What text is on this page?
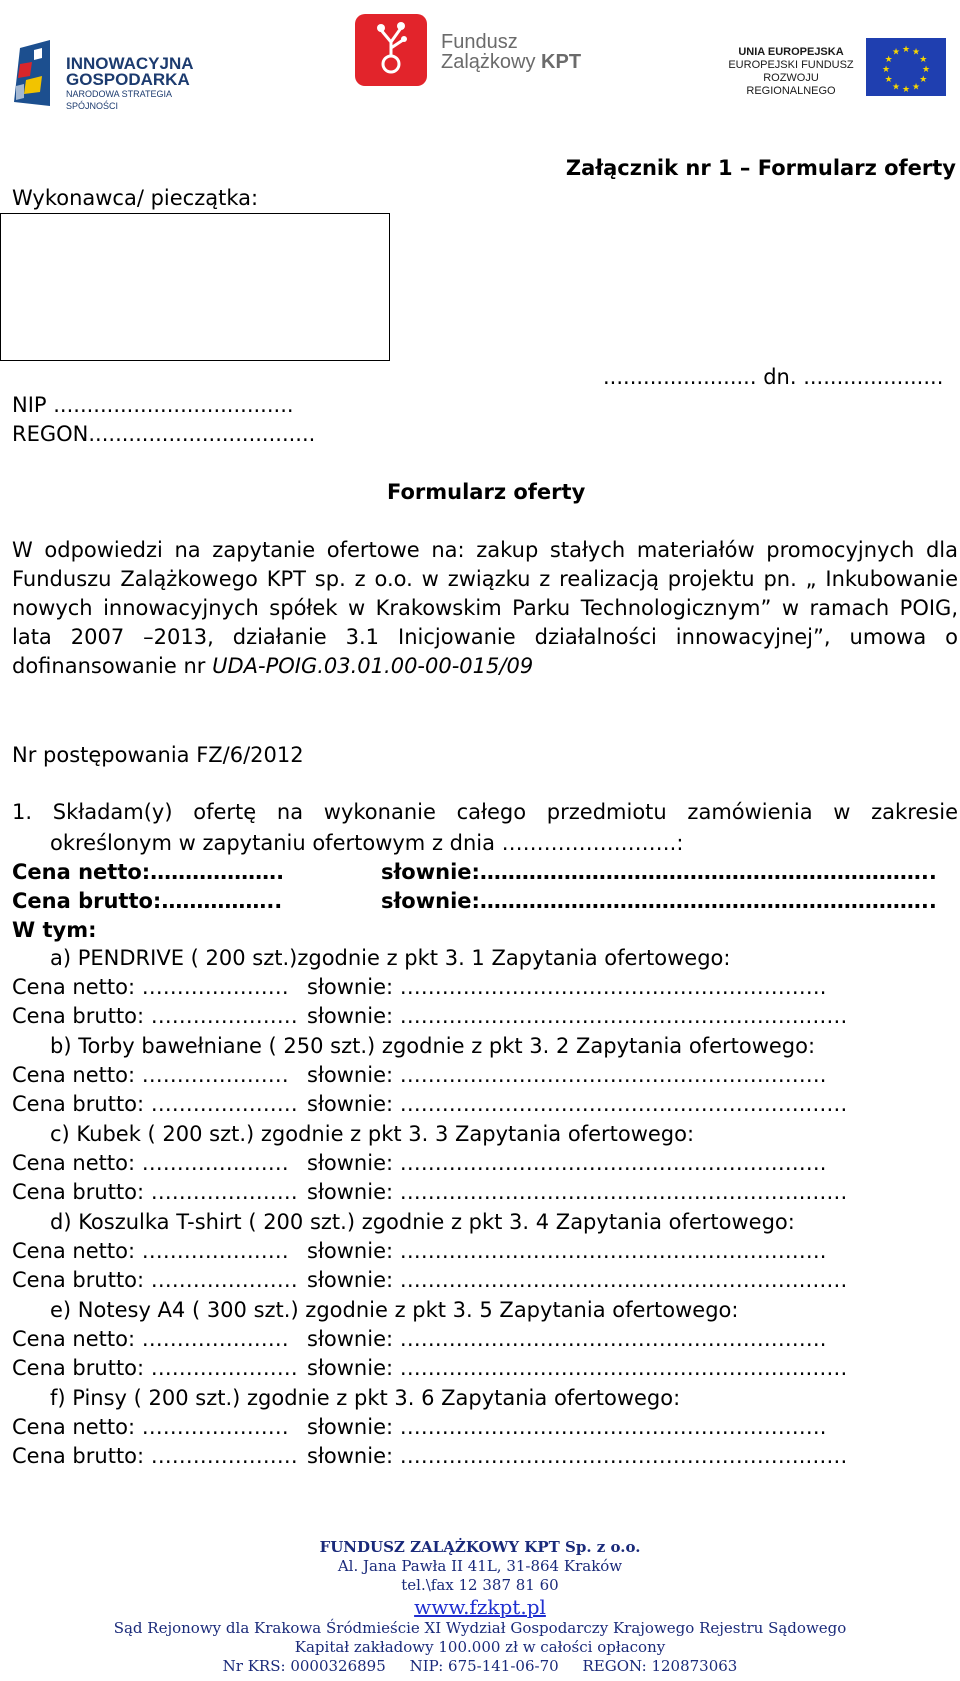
INNOWACYJNA
GOSPODARKA
NARODOWA STRATEGIA SPÓJNOŚCI
Fundusz
Zalążkowy KPT	UNIA EUROPEJSKA
EUROPEJSKI FUNDUSZ
ROZWOJU REGIONALNEGO
★ ★
★
★
★
★
★
★
★
★
★
★
Załącznik nr 1 – Formularz oferty
Wykonawca/ pieczątka:
....................... dn. .....................
NIP ....................................
REGON..................................
Formularz oferty
W odpowiedzi na zapytanie ofertowe na: zakup stałych materiałów promocyjnych dla
Funduszu Zalążkowego KPT sp. z o.o. w związku z realizacją projektu pn. „ Inkubowanie
nowych innowacyjnych spółek w Krakowskim Parku Technologicznym” w ramach POIG,
lata 2007 –2013, działanie 3.1 Inicjowanie działalności innowacyjnej”, umowa o
dofinansowanie nr UDA-POIG.03.01.00-00-015/09
Nr postępowania FZ/6/2012
1. Składam(y) ofertę na wykonanie całego przedmiotu zamówienia w zakresie
określonym w zapytaniu ofertowym z dnia …………………….:
Cena netto:……………….	słownie:………………………………………………………..
Cena brutto:……………..	słownie:………………………………………………………..
W tym:
a) PENDRIVE ( 200 szt.)zgodnie z pkt 3. 1 Zapytania ofertowego:
Cena netto: ………………… słownie: …………………………………………………….
Cena brutto: ………………… słownie: ………………………………………………….……
b) Torby bawełniane ( 250 szt.) zgodnie z pkt 3. 2 Zapytania ofertowego:
Cena netto: ………………… słownie: …………………………………………………….
Cena brutto: ………………… słownie: ………………………………………………….……
c) Kubek ( 200 szt.) zgodnie z pkt 3. 3 Zapytania ofertowego:
Cena netto: ………………… słownie: …………………………………………………….
Cena brutto: ………………… słownie: ………………………………………………….……
d) Koszulka T-shirt ( 200 szt.) zgodnie z pkt 3. 4 Zapytania ofertowego:
Cena netto: ………………… słownie: …………………………………………………….
Cena brutto: ………………… słownie: ………………………………………………….……
e) Notesy A4 ( 300 szt.) zgodnie z pkt 3. 5 Zapytania ofertowego:
Cena netto: ………………… słownie: …………………………………………………….
Cena brutto: ………………… słownie: ………………………………………………….……
f) Pinsy ( 200 szt.) zgodnie z pkt 3. 6 Zapytania ofertowego:
Cena netto: ………………… słownie: …………………………………………………….
Cena brutto: ………………… słownie: ………………………………………………….……
FUNDUSZ ZALĄŻKOWY KPT Sp. z o.o.
Al. Jana Pawła II 41L, 31-864 Kraków
tel.\fax 12 387 81 60
www.fzkpt.pl
Sąd Rejonowy dla Krakowa Śródmieście XI Wydział Gospodarczy Krajowego Rejestru Sądowego
Kapitał zakładowy 100.000 zł w całości opłacony
Nr KRS: 0000326895     NIP: 675-141-06-70     REGON: 120873063
